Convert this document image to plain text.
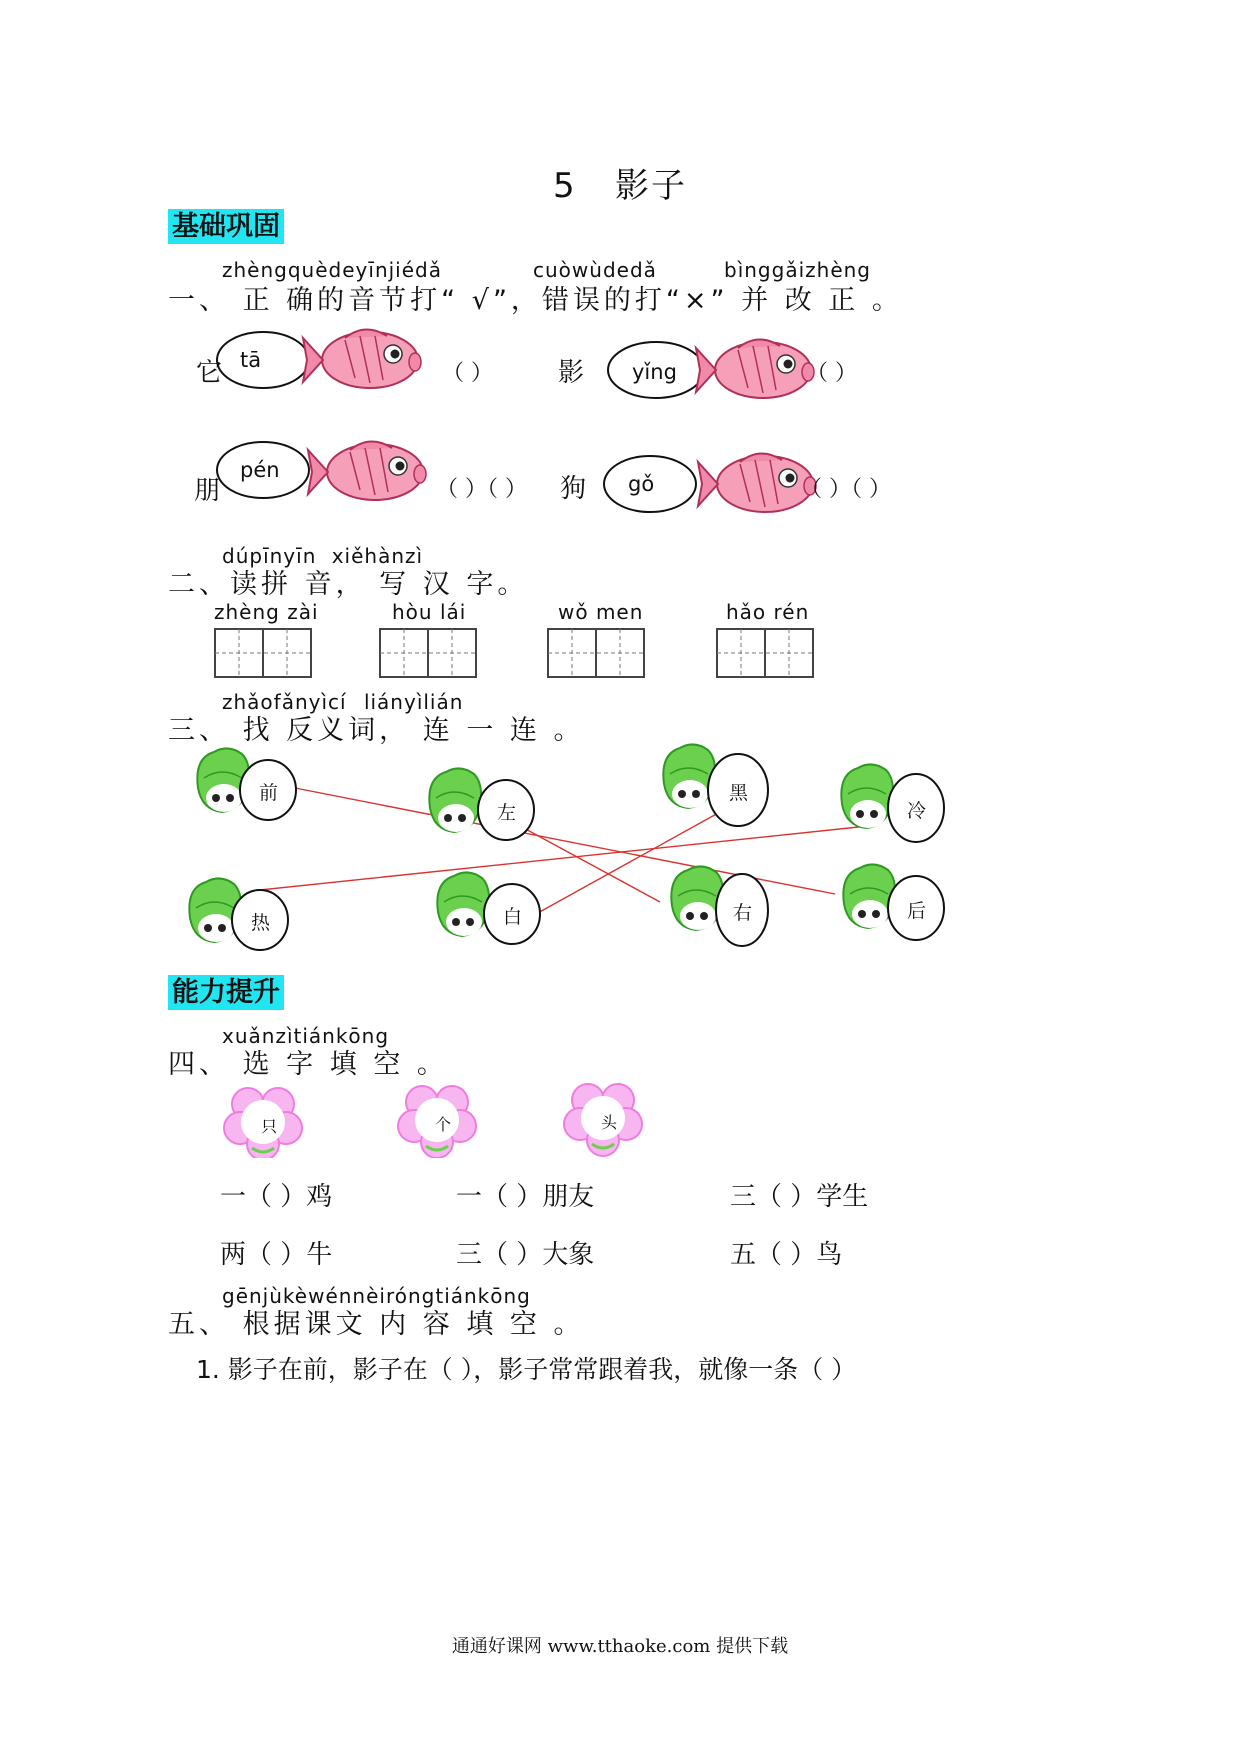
5   影子
基础巩固
zhèngquèdeyīnjiédǎ	cuòwùdedǎ	bìnggǎizhèng
一、 正 确的音节打“ √”，错误的打“×” 并 改 正 。
它 tā
（ ）	影 yǐng	（ ）
朋
pén
（ ）（ ） 狗 gǒ	（ ）（ ）
dúpīnyīn xiěhànzì
二、读拼 音， 写 汉 字。
zhèng zài	hòu lái	wǒ men	hǎo rén
zhǎofǎnyìcí liányìlián
三、 找 反义词， 连 一 连 。
前
左
黑
冷
热	白	右	后
能力提升
xuǎnzìtiánkōng
四、 选 字 填 空 。
只	个	头
一（ ）鸡	一（ ）朋友	三（ ）学生
两（ ）牛	三（ ）大象	五（ ）鸟
gēnjùkèwénnèiróngtiánkōng
五、 根据课文 内 容 填 空 。
1. 影子在前，影子在（ ），影子常常跟着我，就像一条（ ）
通通好课网 www.tthaoke.com 提供下载
